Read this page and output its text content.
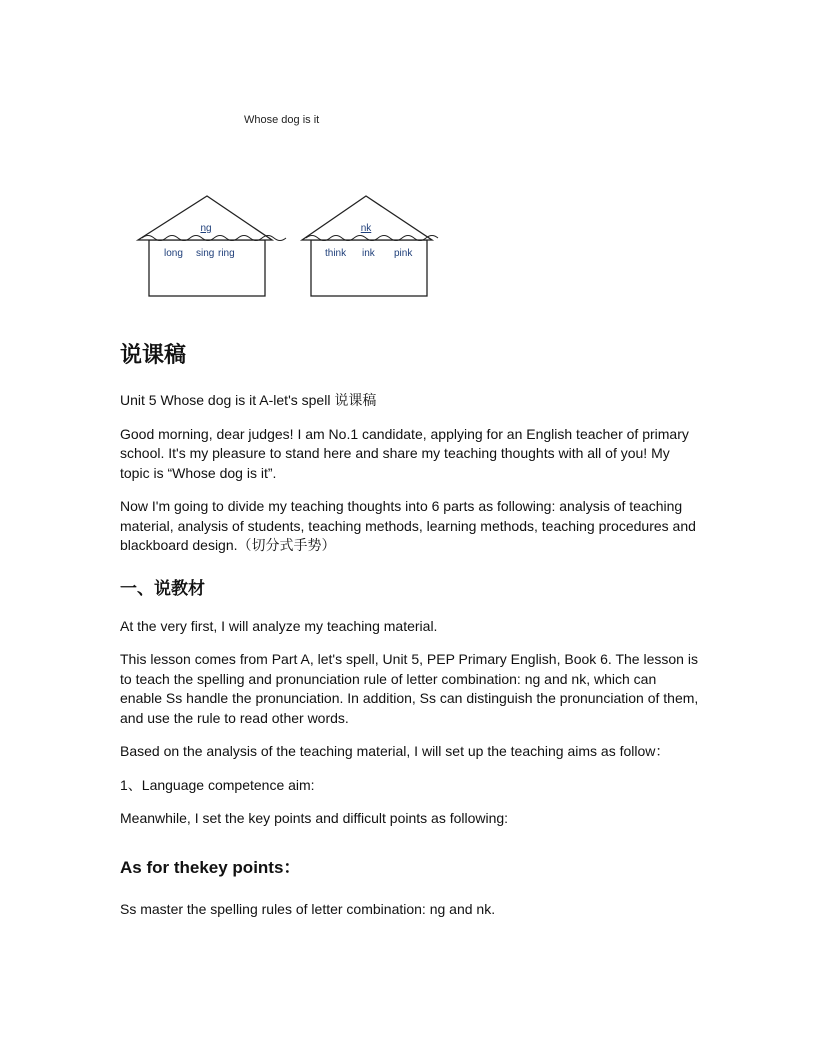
Whose dog is it
ng
long sing ring
nk
think ink pink
说课稿

Unit 5 Whose dog is it A-let's spell 说课稿

Good morning, dear judges! I am No.1 candidate, applying for an English teacher of primary school. It's my pleasure to stand here and share my teaching thoughts with all of you! My topic is “Whose dog is it”.

Now I'm going to divide my teaching thoughts into 6 parts as following: analysis of teaching material, analysis of students, teaching methods, learning methods, teaching procedures and blackboard design.（切分式手势）

一、说教材

At the very first, I will analyze my teaching material.

This lesson comes from Part A, let's spell, Unit 5, PEP Primary English, Book 6. The lesson is to teach the spelling and pronunciation rule of letter combination: ng and nk, which can enable Ss handle the pronunciation. In addition, Ss can distinguish the pronunciation of them, and use the rule to read other words.

Based on the analysis of the teaching material, I will set up the teaching aims as follow：

1、Language competence aim:

Meanwhile, I set the key points and difficult points as following:

As for thekey points：

Ss master the spelling rules of letter combination: ng and nk.
